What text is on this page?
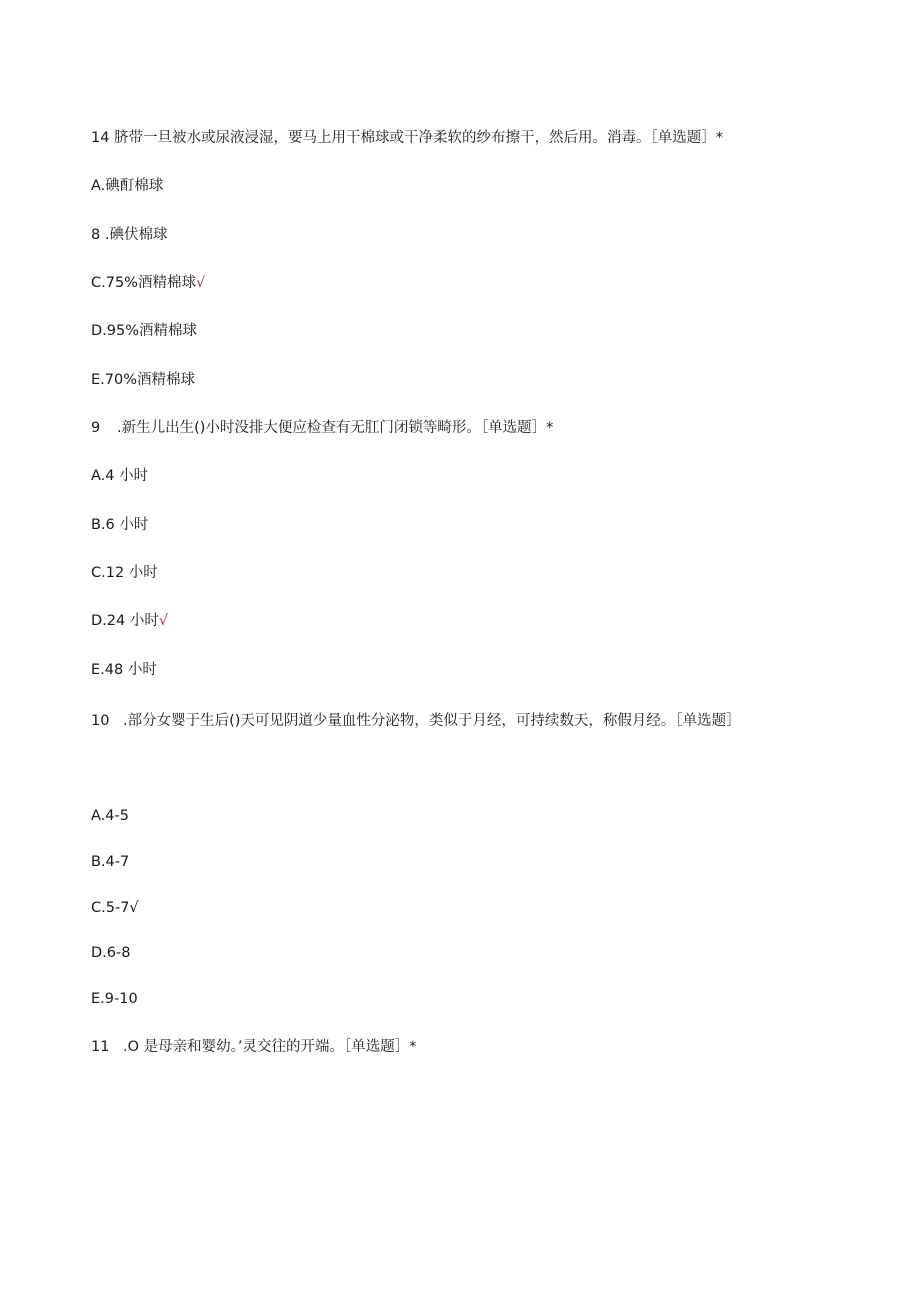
14 脐带一旦被水或尿液浸湿，要马上用干棉球或干净柔软的纱布擦干，然后用。消毒。［单选题］*
A.碘酊棉球
8 .碘伏棉球
C.75%酒精棉球√
D.95%酒精棉球
E.70%酒精棉球
9 .新生儿出生()小时没排大便应检查有无肛门闭锁等畸形。［单选题］*
A.4 小时
B.6 小时
C.12 小时
D.24 小时√
E.48 小时
10 .部分女婴于生后()天可见阴道少量血性分泌物，类似于月经，可持续数天，称假月经。［单选题］
A.4-5
B.4-7
C.5-7√
D.6-8
E.9-10
11 .O 是母亲和婴幼。’灵交往的开端。［单选题］*
